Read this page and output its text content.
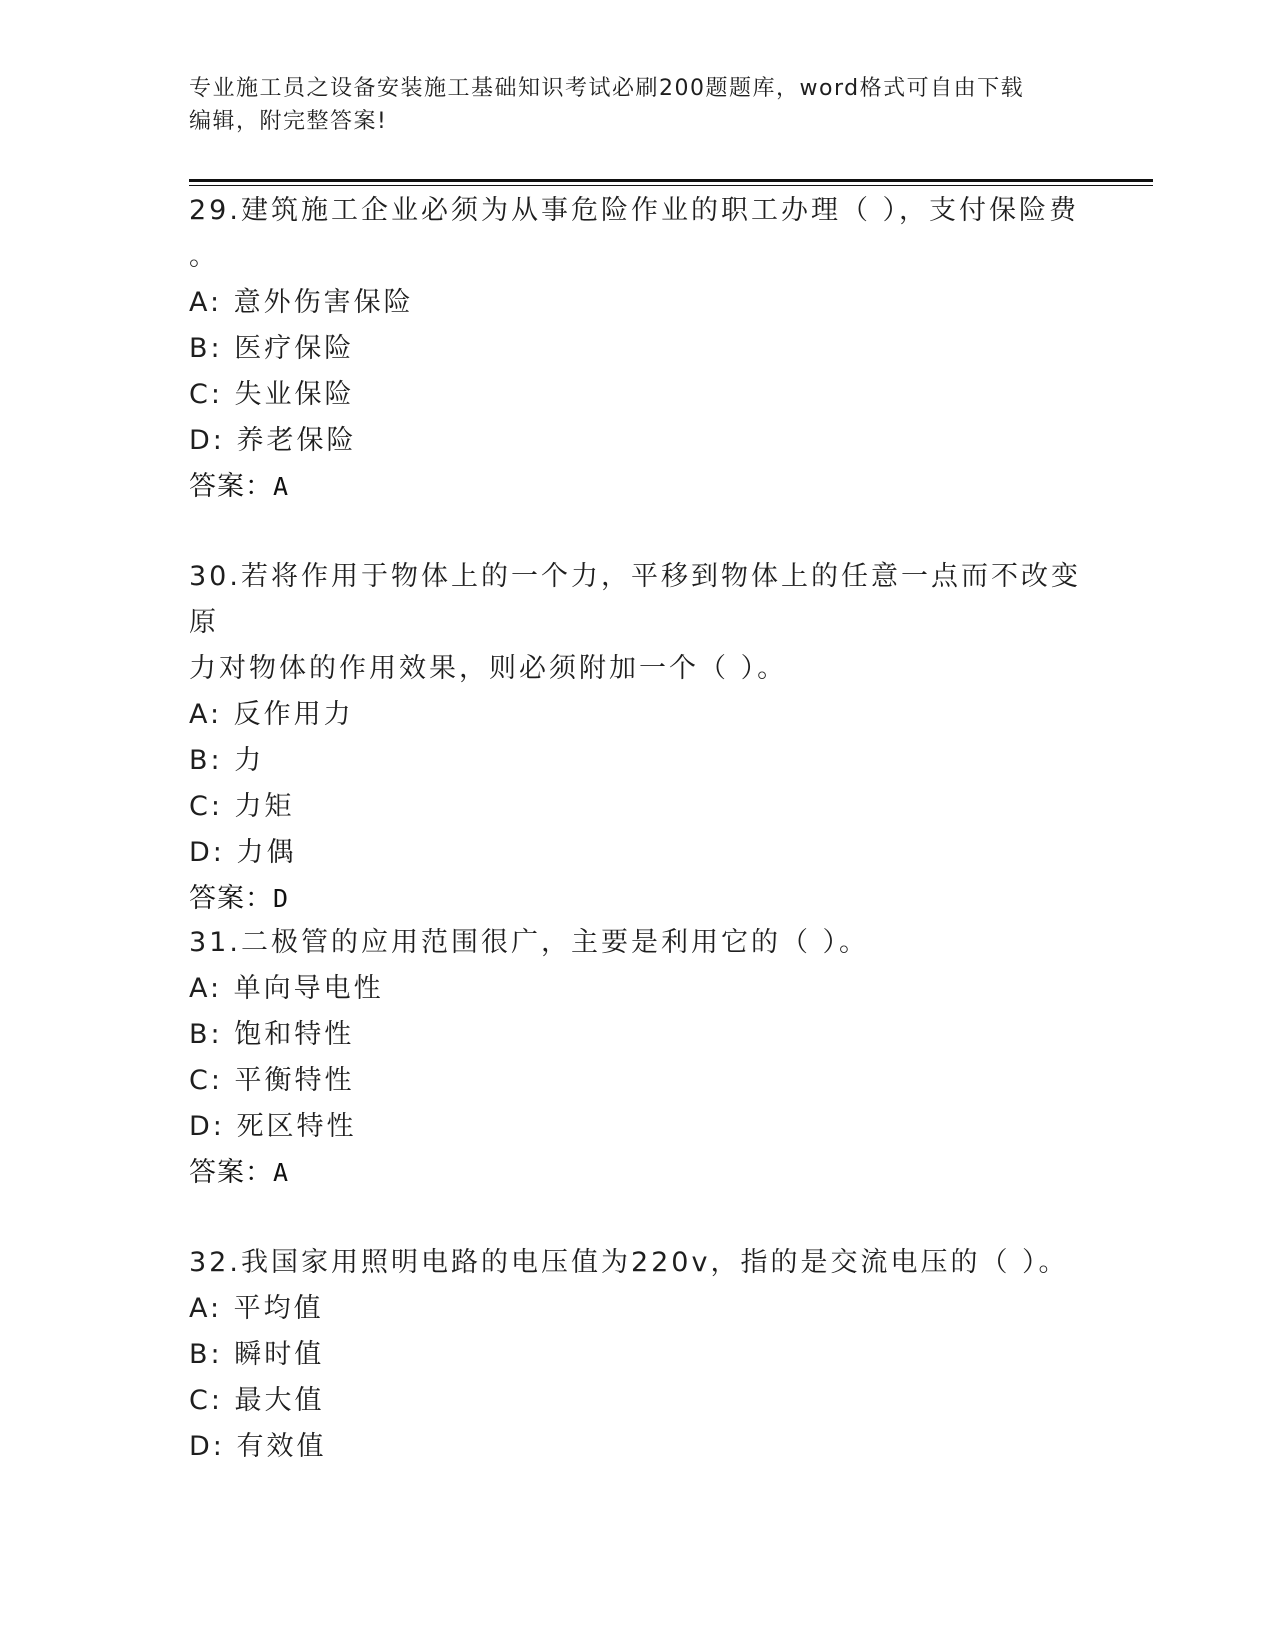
专业施工员之设备安装施工基础知识考试必刷200题题库，word格式可自由下载
编辑，附完整答案!
29.建筑施工企业必须为从事危险作业的职工办理（ ），支付保险费
。
A: 意外伤害保险
B: 医疗保险
C: 失业保险
D: 养老保险
答案：A
30.若将作用于物体上的一个力，平移到物体上的任意一点而不改变原
力对物体的作用效果，则必须附加一个（ ）。
A: 反作用力
B: 力
C: 力矩
D: 力偶
答案：D
31.二极管的应用范围很广，主要是利用它的（ ）。
A: 单向导电性
B: 饱和特性
C: 平衡特性
D: 死区特性
答案：A
32.我国家用照明电路的电压值为220v，指的是交流电压的（ ）。
A: 平均值
B: 瞬时值
C: 最大值
D: 有效值
